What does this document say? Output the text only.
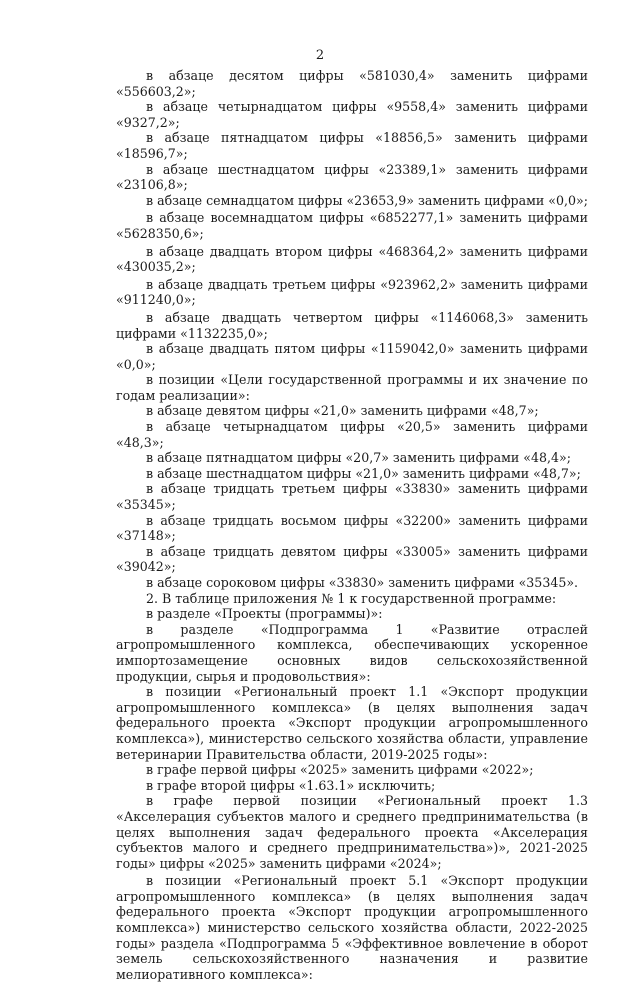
2

в абзаце десятом цифры «581030,4» заменить цифрами «556603,2»;

в абзаце четырнадцатом цифры «9558,4» заменить цифрами «9327,2»;

в абзаце пятнадцатом цифры «18856,5» заменить цифрами «18596,7»;

в абзаце шестнадцатом цифры «23389,1» заменить цифрами «23106,8»;

в абзаце семнадцатом цифры «23653,9» заменить цифрами «0,0»;

в абзаце восемнадцатом цифры «6852277,1» заменить цифрами «5628350,6»;

в абзаце двадцать втором цифры «468364,2» заменить цифрами «430035,2»;

в абзаце двадцать третьем цифры «923962,2» заменить цифрами «911240,0»;

в абзаце двадцать четвертом цифры «1146068,3» заменить цифрами «1132235,0»;

в абзаце двадцать пятом цифры «1159042,0» заменить цифрами «0,0»;

в позиции «Цели государственной программы и их значение по годам реализации»:

в абзаце девятом цифры «21,0» заменить цифрами «48,7»;

в абзаце четырнадцатом цифры «20,5» заменить цифрами «48,3»;

в абзаце пятнадцатом цифры «20,7» заменить цифрами «48,4»;

в абзаце шестнадцатом цифры «21,0» заменить цифрами «48,7»;

в абзаце тридцать третьем цифры «33830» заменить цифрами «35345»;

в абзаце тридцать восьмом цифры «32200» заменить цифрами «37148»;

в абзаце тридцать девятом цифры «33005» заменить цифрами «39042»;

в абзаце сороковом цифры «33830» заменить цифрами «35345».

2. В таблице приложения № 1 к государственной программе:

в разделе «Проекты (программы)»:

в разделе «Подпрограмма 1 «Развитие отраслей агропромышленного комплекса, обеспечивающих ускоренное импортозамещение основных видов сельскохозяйственной продукции, сырья и продовольствия»:

в позиции «Региональный проект 1.1 «Экспорт продукции агропромышленного комплекса» (в целях выполнения задач федерального проекта «Экспорт продукции агропромышленного комплекса»), министерство сельского хозяйства области, управление ветеринарии Правительства области, 2019-2025 годы»:

в графе первой цифры «2025» заменить цифрами «2022»;

в графе второй цифры «1.63.1» исключить;

в графе первой позиции «Региональный проект 1.3 «Акселерация субъектов малого и среднего предпринимательства (в целях выполнения задач федерального проекта «Акселерация субъектов малого и среднего предпринимательства»)», 2021-2025 годы» цифры «2025» заменить цифрами «2024»;

в позиции «Региональный проект 5.1 «Экспорт продукции агропромышленного комплекса» (в целях выполнения задач федерального проекта «Экспорт продукции агропромышленного комплекса») министерство сельского хозяйства области, 2022-2025 годы» раздела «Подпрограмма 5 «Эффективное вовлечение в оборот земель сельскохозяйственного назначения и развитие мелиоративного комплекса»:
